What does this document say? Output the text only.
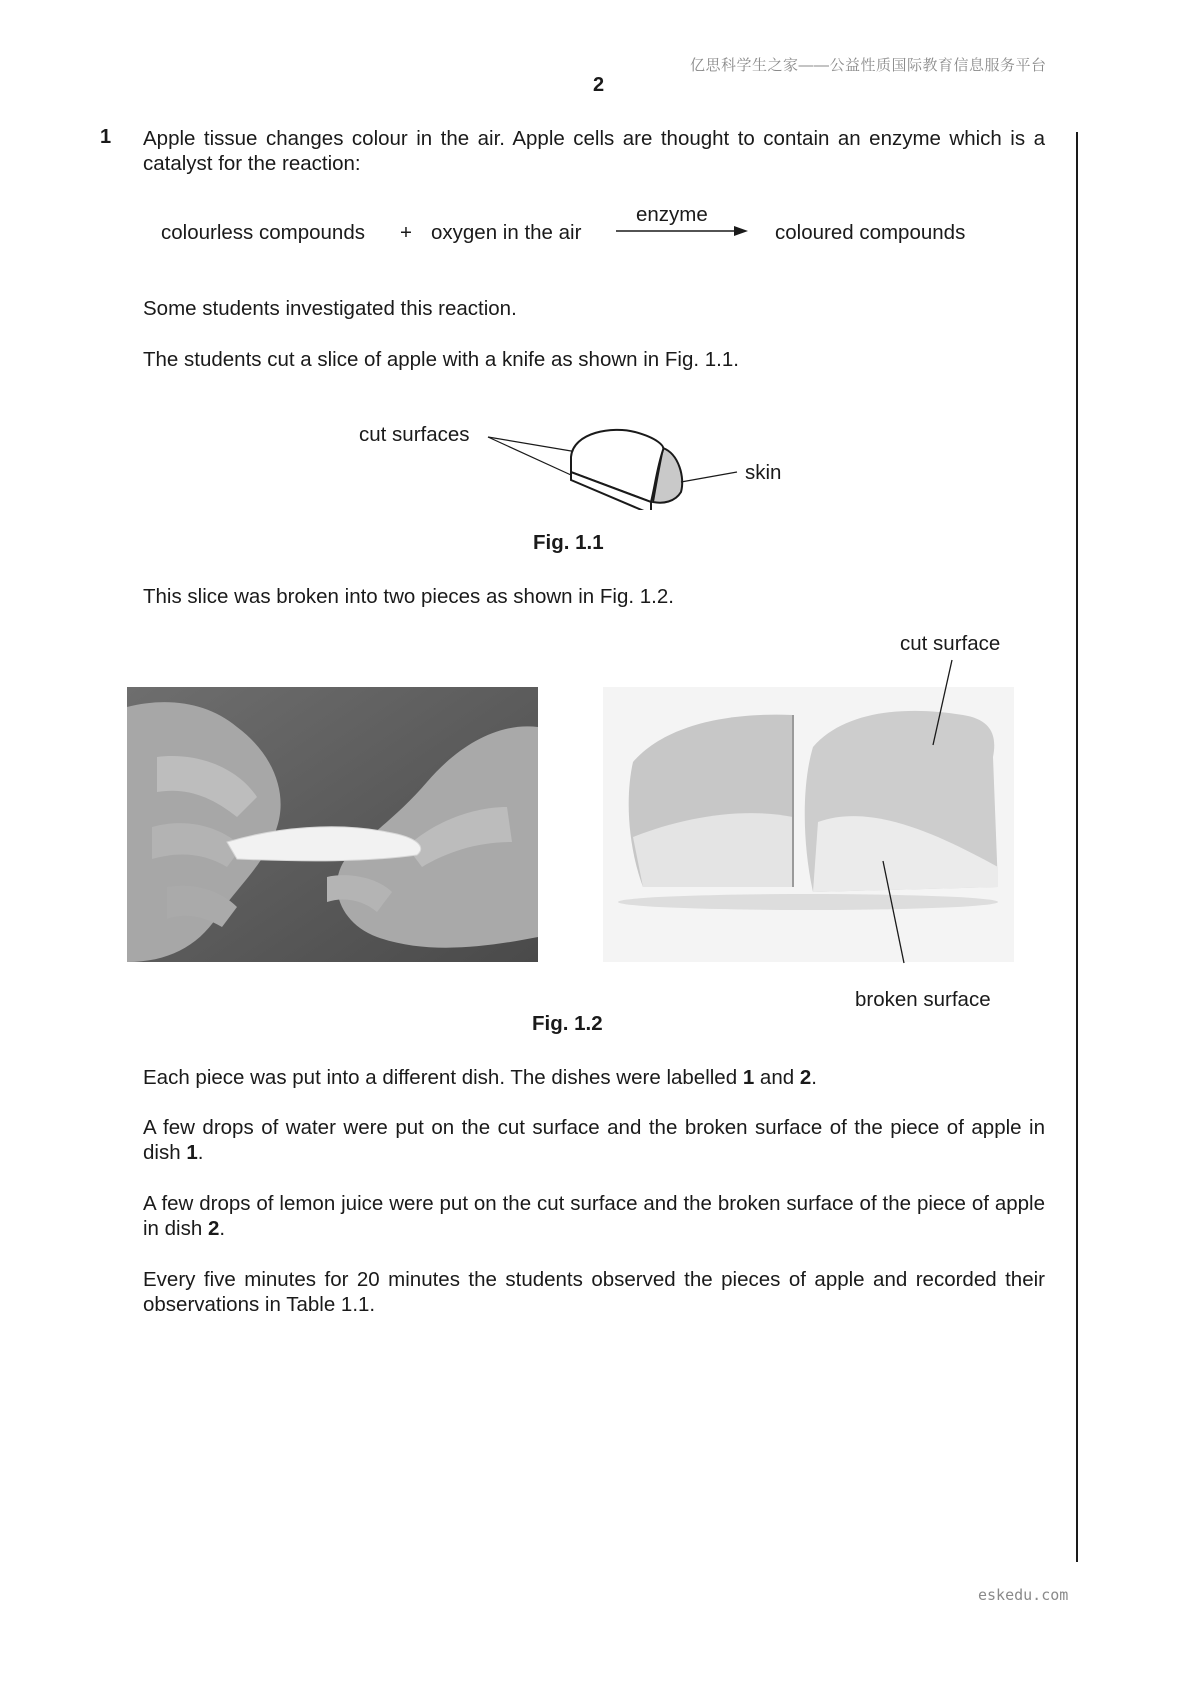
亿思科学生之家——公益性质国际教育信息服务平台
2
1 Apple tissue changes colour in the air. Apple cells are thought to contain an enzyme which is a catalyst for the reaction:
colourless compounds + oxygen in the air
enzyme
coloured compounds
Some students investigated this reaction.
The students cut a slice of apple with a knife as shown in Fig. 1.1.
cut surfaces
skin
Fig. 1.1
This slice was broken into two pieces as shown in Fig. 1.2.
cut surface
broken surface
Fig. 1.2
Each piece was put into a different dish. The dishes were labelled 1 and 2.
A few drops of water were put on the cut surface and the broken surface of the piece of apple in dish 1.
A few drops of lemon juice were put on the cut surface and the broken surface of the piece of apple in dish 2.
Every five minutes for 20 minutes the students observed the pieces of apple and recorded their observations in Table 1.1.
eskedu.com
